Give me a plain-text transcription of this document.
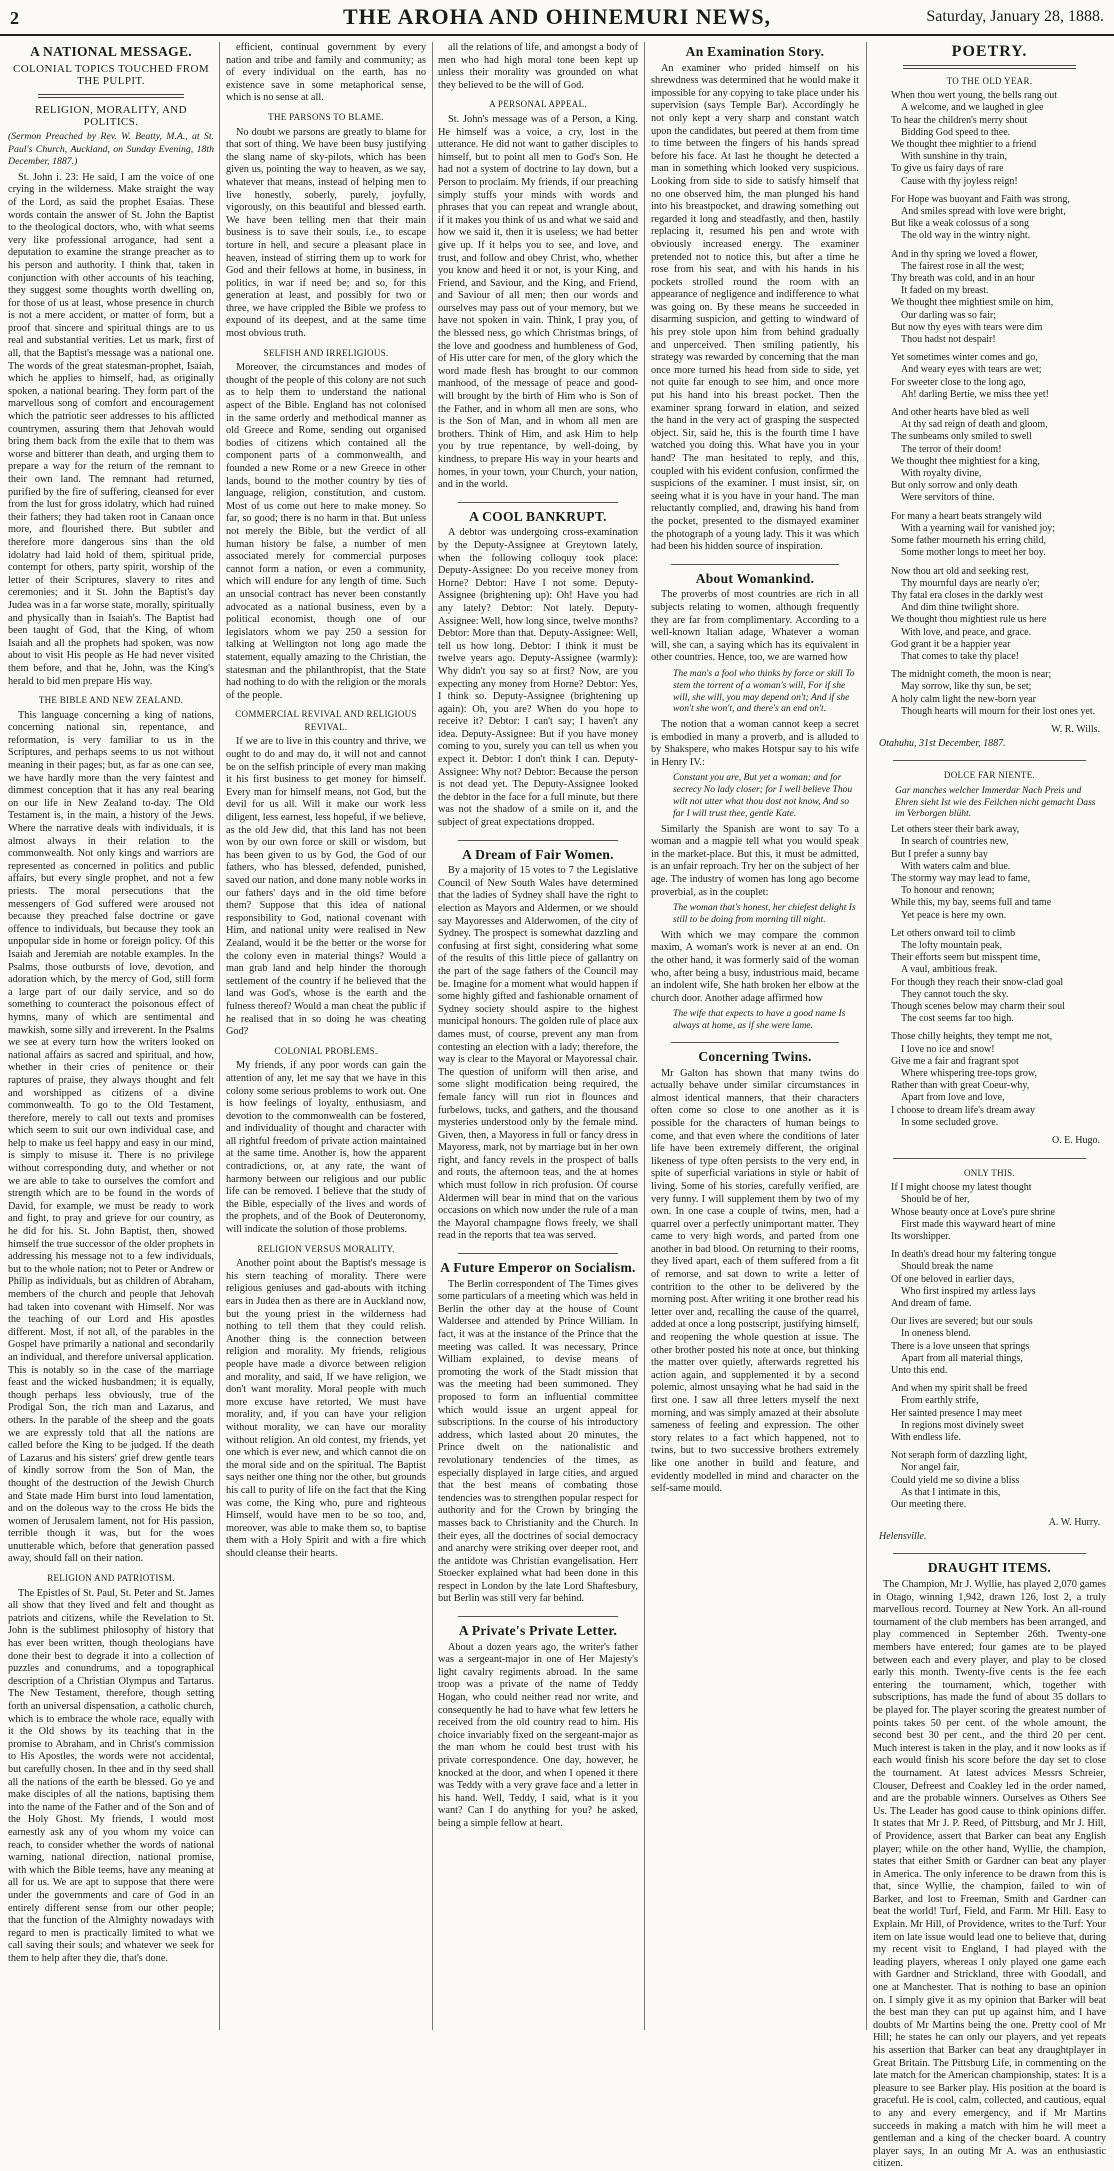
2	THE AROHA AND OHINEMURI NEWS,	Saturday, January 28, 1888.
A NATIONAL MESSAGE.
COLONIAL TOPICS TOUCHED FROM THE PULPIT.
RELIGION, MORALITY, AND POLITICS.

(Sermon Preached by Rev. W. Beatty, M.A., at St. Paul's Church, Auckland, on Sunday Evening, 18th December, 1887.)

St. John i. 23: He said, I am the voice of one crying in the wilderness. Make straight the way of the Lord, as said the prophet Esaias. These words contain the answer of St. John the Baptist to the theological doctors, who, with what seems very like professional arrogance, had sent a deputation to examine the strange preacher as to his person and authority. I think that, taken in conjunction with other accounts of his teaching, they suggest some thoughts worth dwelling on, for those of us at least, whose presence in church is not a mere accident, or matter of form, but a proof that sincere and spiritual things are to us real and substantial verities. Let us mark, first of all, that the Baptist's message was a national one. The words of the great statesman-prophet, Isaiah, which he applies to himself, had, as originally spoken, a national bearing. They form part of the marvellous song of comfort and encouragement which the patriotic seer addresses to his afflicted countrymen, assuring them that Jehovah would bring them back from the exile that to them was worse and bitterer than death, and urging them to prepare a way for the return of the remnant to their own land. The remnant had returned, purified by the fire of suffering, cleansed for ever from the lust for gross idolatry, which had ruined their fathers; they had taken root in Canaan once more, and flourished there. But subtler and therefore more dangerous sins than the old idolatry had laid hold of them, spiritual pride, contempt for others, party spirit, worship of the letter of their Scriptures, slavery to rites and ceremonies; and it St. John the Baptist's day Judea was in a far worse state, morally, spiritually and physically than in Isaiah's. The Baptist had been taught of God, that the King, of whom Isaiah and all the prophets had spoken, was now about to visit His people as He had never visited them before, and that he, John, was the King's herald to bid men prepare His way.

THE BIBLE AND NEW ZEALAND.

This language concerning a king of nations, concerning national sin, repentance, and reformation, is very familiar to us in the Scriptures, and perhaps seems to us not without meaning in their pages; but, as far as one can see, we have hardly more than the very faintest and dimmest conception that it has any real bearing on our life in New Zealand to-day. The Old Testament is, in the main, a history of the Jews. Where the narrative deals with individuals, it is almost always in their relation to the commonwealth. Not only kings and warriors are represented as concerned in politics and public affairs, but every single prophet, and not a few priests. The moral persecutions that the messengers of God suffered were aroused not because they preached false doctrine or gave offence to individuals, but because they took an unpopular side in home or foreign policy. Of this Isaiah and Jeremiah are notable examples. In the Psalms, those outbursts of love, devotion, and adoration which, by the mercy of God, still form a large part of our daily service, and so do something to counteract the poisonous effect of hymns, many of which are sentimental and mawkish, some silly and irreverent. In the Psalms we see at every turn how the writers looked on national affairs as sacred and spiritual, and how, whether in their cries of penitence or their raptures of praise, they always thought and felt and worshipped as citizens of a divine commonwealth. To go to the Old Testament, therefore, merely to call out texts and promises which seem to suit our own individual case, and help to make us feel happy and easy in our mind, is simply to misuse it. There is no privilege without corresponding duty, and whether or not we are able to take to ourselves the comfort and strength which are to be found in the words of David, for example, we must be ready to work and fight, to pray and grieve for our country, as he did for his. St. John Baptist, then, showed himself the true successor of the older prophets in addressing his message not to a few individuals, but to the whole nation; not to Peter or Andrew or Philip as individuals, but as children of Abraham, members of the church and people that Jehovah had taken into covenant with Himself. Nor was the teaching of our Lord and His apostles different. Most, if not all, of the parables in the Gospel have primarily a national and secondarily an individual, and therefore universal application. This is notably so in the case of the marriage feast and the wicked husbandmen; it is equally, though perhaps less obviously, true of the Prodigal Son, the rich man and Lazarus, and others. In the parable of the sheep and the goats we are expressly told that all the nations are called before the King to be judged. If the death of Lazarus and his sisters' grief drew gentle tears of kindly sorrow from the Son of Man, the thought of the destruction of the Jewish Church and State made Him burst into loud lamentation, and on the doleous way to the cross He bids the women of Jerusalem lament, not for His passion, terrible though it was, but for the woes unutterable which, before that generation passed away, should fall on their nation.

RELIGION AND PATRIOTISM.

The Epistles of St. Paul, St. Peter and St. James all show that they lived and felt and thought as patriots and citizens, while the Revelation to St. John is the sublimest philosophy of history that has ever been written, though theologians have done their best to degrade it into a collection of puzzles and conundrums, and a topographical description of a Christian Olympus and Tartarus. The New Testament, therefore, though setting forth an universal dispensation, a catholic church, which is to embrace the whole race, equally with it the Old shows by its teaching that in the promise to Abraham, and in Christ's commission to His Apostles, the words were not accidental, but carefully chosen. In thee and in thy seed shall all the nations of the earth be blessed. Go ye and make disciples of all the nations, baptising them into the name of the Father and of the Son and of the Holy Ghost. My friends, I would most earnestly ask any of you whom my voice can reach, to consider whether the words of national warning, national direction, national promise, with which the Bible teems, have any meaning at all for us. We are apt to suppose that there were under the governments and care of God in an entirely different sense from our other people; that the function of the Almighty nowadays with regard to men is practically limited to what we call saving their souls; and whatever we seek for them to help after they die, that's done.

efficient, continual government by every nation and tribe and family and community; as of every individual on the earth, has no existence save in some metaphorical sense, which is no sense at all.

THE PARSONS TO BLAME.

No doubt we parsons are greatly to blame for that sort of thing. We have been busy justifying the slang name of sky-pilots, which has been given us, pointing the way to heaven, as we say, whatever that means, instead of helping men to live honestly, soberly, purely, joyfully, vigorously, on this beautiful and blessed earth. We have been telling men that their main business is to save their souls, i.e., to escape torture in hell, and secure a pleasant place in heaven, instead of stirring them up to work for God and their fellows at home, in business, in politics, in war if need be; and so, for this generation at least, and possibly for two or three, we have crippled the Bible we profess to expound of its deepest, and at the same time most obvious truth.

SELFISH AND IRRELIGIOUS.

Moreover, the circumstances and modes of thought of the people of this colony are not such as to help them to understand the national aspect of the Bible. England has not colonised in the same orderly and methodical manner as old Greece and Rome, sending out organised bodies of citizens which contained all the component parts of a commonwealth, and founded a new Rome or a new Greece in other lands, bound to the mother country by ties of language, religion, constitution, and custom. Most of us come out here to make money. So far, so good; there is no harm in that. But unless not merely the Bible, but the verdict of all human history be false, a number of men associated merely for commercial purposes cannot form a nation, or even a community, which will endure for any length of time. Such an unsocial contract has never been constantly advocated as a national business, even by a political economist, though one of our legislators whom we pay 250 a session for talking at Wellington not long ago made the statement, equally amazing to the Christian, the statesman and the philanthropist, that the State had nothing to do with the religion or the morals of the people.

COMMERCIAL REVIVAL AND RELIGIOUS REVIVAL.

If we are to live in this country and thrive, we ought to do and may do, it will not and cannot be on the selfish principle of every man making it his first business to get money for himself. Every man for himself means, not God, but the devil for us all. Will it make our work less diligent, less earnest, less hopeful, if we believe, as the old Jew did, that this land has not been won by our own force or skill or wisdom, but has been given to us by God, the God of our fathers, who has blessed, defended, punished, saved our nation, and done many noble works in our fathers' days and in the old time before them? Suppose that this idea of national responsibility to God, national covenant with Him, and national unity were realised in New Zealand, would it be the better or the worse for the colony even in material things? Would a man grab land and help hinder the thorough settlement of the country if he believed that the land was God's, whose is the earth and the fulness thereof? Would a man cheat the public if he realised that in so doing he was cheating God?

COLONIAL PROBLEMS.

My friends, if any poor words can gain the attention of any, let me say that we have in this colony some serious problems to work out. One is how feelings of loyalty, enthusiasm, and devotion to the commonwealth can be fostered, and individuality of thought and character with all rightful freedom of private action maintained at the same time. Another is, how the apparent contradictions, or, at any rate, the want of harmony between our religious and our public life can be removed. I believe that the study of the Bible, especially of the lives and words of the prophets, and of the Book of Deuteronomy, will indicate the solution of those problems.

RELIGION VERSUS MORALITY.

Another point about the Baptist's message is his stern teaching of morality. There were religious geniuses and gad-abouts with itching ears in Judea then as there are in Auckland now, but the young priest in the wilderness had nothing to tell them that they could relish. Another thing is the connection between religion and morality. My friends, religious people have made a divorce between religion and morality, and said, If we have religion, we don't want morality. Moral people with much more excuse have retorted, We must have morality, and, if you can have your religion without morality, we can have our morality without religion. An old contest, my friends, yet one which is ever new, and which cannot die on the moral side and on the spiritual. The Baptist says neither one thing nor the other, but grounds his call to purity of life on the fact that the King was come, the King who, pure and righteous Himself, would have men to be so too, and, moreover, was able to make them so, to baptise them with a Holy Spirit and with a fire which should cleanse their hearts.

all the relations of life, and amongst a body of men who had high moral tone been kept up unless their morality was grounded on what they believed to be the will of God.

A PERSONAL APPEAL.

St. John's message was of a Person, a King. He himself was a voice, a cry, lost in the utterance. He did not want to gather disciples to himself, but to point all men to God's Son. He had not a system of doctrine to lay down, but a Person to proclaim. My friends, if our preaching simply stuffs your minds with words and phrases that you can repeat and wrangle about, if it makes you think of us and what we said and how we said it, then it is useless; we had better give up. If it helps you to see, and love, and trust, and follow and obey Christ, who, whether you know and heed it or not, is your King, and Friend, and Saviour, and the King, and Friend, and Saviour of all men; then our words and ourselves may pass out of your memory, but we have not spoken in vain. Think, I pray you, of the blessed ness, go which Christmas brings, of the love and goodness and humbleness of God, of His utter care for men, of the glory which the word made flesh has brought to our common manhood, of the message of peace and good-will brought by the birth of Him who is Son of the Father, and in whom all men are sons, who is the Son of Man, and in whom all men are brothers. Think of Him, and ask Him to help you by true repentance, by well-doing, by kindness, to prepare His way in your hearts and homes, in your town, your Church, your nation, and in the world.

A COOL BANKRUPT.

A debtor was undergoing cross-examination by the Deputy-Assignee at Greytown lately, when the following colloquy took place: Deputy-Assignee: Do you receive money from Horne? Debtor: Have I not some. Deputy-Assignee (brightening up): Oh! Have you had any lately? Debtor: Not lately. Deputy-Assignee: Well, how long since, twelve months? Debtor: More than that. Deputy-Assignee: Well, tell us how long. Debtor: I think it must be twelve years ago. Deputy-Assignee (warmly): Why didn't you say so at first? Now, are you expecting any money from Horne? Debtor: Yes, I think so. Deputy-Assignee (brightening up again): Oh, you are? When do you hope to receive it? Debtor: I can't say; I haven't any idea. Deputy-Assignee: But if you have money coming to you, surely you can tell us when you expect it. Debtor: I don't think I can. Deputy-Assignee: Why not? Debtor: Because the person is not dead yet. The Deputy-Assignee looked the debtor in the face for a full minute, but there was not the shadow of a smile on it, and the subject of great expectations dropped.

A Dream of Fair Women.

By a majority of 15 votes to 7 the Legislative Council of New South Wales have determined that the ladies of Sydney shall have the right to election as Mayors and Aldermen, or we should say Mayoresses and Alderwomen, of the city of Sydney. The prospect is somewhat dazzling and confusing at first sight, considering what some of the results of this little piece of gallantry on the part of the sage fathers of the Council may be. Imagine for a moment what would happen if some highly gifted and fashionable ornament of Sydney society should aspire to the highest municipal honours. The golden rule of place aux dames must, of course, prevent any man from contesting an election with a lady; therefore, the way is clear to the Mayoral or Mayoressal chair. The question of uniform will then arise, and some slight modification being required, the female fancy will run riot in flounces and furbelows, tucks, and gathers, and the thousand mysteries understood only by the female mind. Given, then, a Mayoress in full or fancy dress in Mayoress, mark, not by marriage but in her own right, and fancy revels in the prospect of balls and routs, the afternoon teas, and the at homes which must follow in rich profusion. Of course Aldermen will bear in mind that on the various occasions on which now under the rule of a man the Mayoral champagne flows freely, we shall read in the reports that tea was served.

A Future Emperor on Socialism.

The Berlin correspondent of The Times gives some particulars of a meeting which was held in Berlin the other day at the house of Count Waldersee and attended by Prince William. In fact, it was at the instance of the Prince that the meeting was called. It was necessary, Prince William explained, to devise means of promoting the work of the Stadt mission that was the meeting had been summoned. They proposed to form an influential committee which would issue an urgent appeal for subscriptions. In the course of his introductory address, which lasted about 20 minutes, the Prince dwelt on the nationalistic and revolutionary tendencies of the times, as especially displayed in large cities, and argued that the best means of combating those tendencies was to strengthen popular respect for authority and for the Crown by bringing the masses back to Christianity and the Church. In their eyes, all the doctrines of social democracy and anarchy were striking over deeper root, and the antidote was Christian evangelisation. Herr Stoecker explained what had been done in this respect in London by the late Lord Shaftesbury, but Berlin was still very far behind.

A Private's Private Letter.

About a dozen years ago, the writer's father was a sergeant-major in one of Her Majesty's light cavalry regiments abroad. In the same troop was a private of the name of Teddy Hogan, who could neither read nor write, and consequently he had to have what few letters he received from the old country read to him. His choice invariably fixed on the sergeant-major as the man whom he could best trust with his private correspondence. One day, however, he knocked at the door, and when I opened it there was Teddy with a very grave face and a letter in his hand. Well, Teddy, I said, what is it you want? Can I do anything for you? he asked, being a simple fellow at heart.

An Examination Story.

An examiner who prided himself on his shrewdness was determined that he would make it impossible for any copying to take place under his supervision (says Temple Bar). Accordingly he not only kept a very sharp and constant watch upon the candidates, but peered at them from time to time between the fingers of his hands spread before his face. At last he thought he detected a man in something which looked very suspicious. Looking from side to side to satisfy himself that no one observed him, the man plunged his hand into his breastpocket, and drawing something out regarded it long and steadfastly, and then, hastily replacing it, resumed his pen and wrote with obviously increased energy. The examiner pretended not to notice this, but after a time he rose from his seat, and with his hands in his pockets strolled round the room with an appearance of negligence and indifference to what was going on. By these means he succeeded in disarming suspicion, and getting to windward of his prey stole upon him from behind gradually and unperceived. Then smiling patiently, his strategy was rewarded by concerning that the man once more turned his head from side to side, yet not quite far enough to see him, and once more put his hand into his breast pocket. Then the examiner sprang forward in elation, and seized the hand in the very act of grasping the suspected object. Sir, said he, this is the fourth time I have watched you doing this. What have you in your hand? The man hesitated to reply, and this, coupled with his evident confusion, confirmed the suspicions of the examiner. I must insist, sir, on seeing what it is you have in your hand. The man reluctantly complied, and, drawing his hand from the pocket, presented to the dismayed examiner the photograph of a young lady. This it was which had been his hidden source of inspiration.

About Womankind.

The proverbs of most countries are rich in all subjects relating to women, although frequently they are far from complimentary. According to a well-known Italian adage, Whatever a woman will, she can, a saying which has its equivalent in other countries. Hence, too, we are warned how

The man's a fool who thinks by force or skill To stem the torrent of a woman's will, For if she will, she will, you may depend on't; And if she won't she won't, and there's an end on't.

The notion that a woman cannot keep a secret is embodied in many a proverb, and is alluded to by Shakspere, who makes Hotspur say to his wife in Henry IV.:

Constant you are, But yet a woman; and for secrecy No lady closer; for I well believe Thou wilt not utter what thou dost not know, And so far I will trust thee, gentle Kate.

Similarly the Spanish are wont to say To a woman and a magpie tell what you would speak in the market-place. But this, it must be admitted, is an unfair reproach. Try her on the subject of her age. The industry of women has long ago become proverbial, as in the couplet:

The woman that's honest, her chiefest delight Is still to be doing from morning till night.

With which we may compare the common maxim, A woman's work is never at an end. On the other hand, it was formerly said of the woman who, after being a busy, industrious maid, became an indolent wife, She hath broken her elbow at the church door. Another adage affirmed how

The wife that expects to have a good name Is always at home, as if she were lame.
Concerning Twins.

Mr Galton has shown that many twins do actually behave under similar circumstances in almost identical manners, that their characters often come so close to one another as it is possible for the characters of human beings to come, and that even where the conditions of later life have been extremely different, the original likeness of type often persists to the very end, in spite of superficial variations in style or habit of living. Some of his stories, carefully verified, are very funny. I will supplement them by two of my own. In one case a couple of twins, men, had a quarrel over a perfectly unimportant matter. They came to very high words, and parted from one another in bad blood. On returning to their rooms, they lived apart, each of them suffered from a fit of remorse, and sat down to write a letter of contrition to the other to be delivered by the morning post. After writing it one brother read his letter over and, recalling the cause of the quarrel, added at once a long postscript, justifying himself, and reopening the whole question at issue. The other brother posted his note at once, but thinking the matter over quietly, afterwards regretted his action again, and supplemented it by a second polemic, almost unsaying what he had said in the first one. I saw all three letters myself the next morning, and was simply amazed at their absolute sameness of feeling and expression. The other story relates to a fact which happened, not to twins, but to two successive brothers extremely like one another in build and feature, and evidently modelled in mind and character on the self-same mould.

POETRY.
TO THE OLD YEAR.
When thou wert young, the bells rang out
A welcome, and we laughed in glee
To hear the children's merry shout
Bidding God speed to thee.
We thought thee mightier to a friend
With sunshine in thy train,
To give us fairy days of rare
Cause with thy joyless reign!
For Hope was buoyant and Faith was strong,
And smiles spread with love were bright,
But like a weak colossus of a song
The old way in the wintry night.
And in thy spring we loved a flower,
The fairest rose in all the west;
Thy breath was cold, and in an hour
It faded on my breast.
We thought thee mightiest smile on him,
Our darling was so fair;
But now thy eyes with tears were dim
Thou hadst not despair!
Yet sometimes winter comes and go,
And weary eyes with tears are wet;
For sweeter close to the long ago,
Ah! darling Bertie, we miss thee yet!
And other hearts have bled as well
At thy sad reign of death and gloom,
The sunbeams only smiled to swell
The terror of their doom!
We thought thee mightiest for a king,
With royalty divine,
But only sorrow and only death
Were servitors of thine.
For many a heart beats strangely wild
With a yearning wail for vanished joy;
Some father mourneth his erring child,
Some mother longs to meet her boy.
Now thou art old and seeking rest,
Thy mournful days are nearly o'er;
Thy fatal era closes in the darkly west
And dim thine twilight shore.
We thought thou mightiest rule us here
With love, and peace, and grace.
God grant it be a happier year
That comes to take thy place!
The midnight cometh, the moon is near;
May sorrow, like thy sun, be set;
A holy calm light the new-born year
Though hearts will mourn for their lost ones yet.
W. R. Wills.
Otahuhu, 31st December, 1887.
DOLCE FAR NIENTE.
Gar manches welcher Immerdar Nach Preis und Ehren sieht Ist wie des Feilchen nicht gemacht Dass im Verborgen blüht.
Let others steer their bark away,
In search of countries new,
But I prefer a sunny bay
With waters calm and blue.
The stormy way may lead to fame,
To honour and renown;
While this, my bay, seems full and tame
Yet peace is here my own.
Let others onward toil to climb
The lofty mountain peak,
Their efforts seem but misspent time,
A vaul, ambitious freak.
For though they reach their snow-clad goal
They cannot touch the sky.
Though scenes below may charm their soul
The cost seems far too high.
Those chilly heights, they tempt me not,
I love no ice and snow!
Give me a fair and fragrant spot
Where whispering tree-tops grow,
Rather than with great Coeur-why,
Apart from love and love,
I choose to dream life's dream away
In some secluded grove.
O. E. Hugo.
ONLY THIS.
If I might choose my latest thought
Should be of her,
Whose beauty once at Love's pure shrine
First made this wayward heart of mine
Its worshipper.
In death's dread hour my faltering tongue
Should break the name
Of one beloved in earlier days,
Who first inspired my artless lays
And dream of fame.
Our lives are severed; but our souls
In oneness blend.
There is a love unseen that springs
Apart from all material things,
Unto this end.
And when my spirit shall be freed
From earthly strife,
Her sainted presence I may meet
In regions most divinely sweet
With endless life.
Not seraph form of dazzling light,
Nor angel fair,
Could yield me so divine a bliss
As that I intimate in this,
Our meeting there.
A. W. Hurry.
Helensville.
DRAUGHT ITEMS.

The Champion, Mr J. Wyllie, has played 2,070 games in Otago, winning 1,942, drawn 126, lost 2, a truly marvellous record. Tourney at New York. An all-round tournament of the club members has been arranged, and play commenced in September 26th. Twenty-one members have entered; four games are to be played between each and every player, and play to be closed early this month. Twenty-five cents is the fee each entering the tournament, which, together with subscriptions, has made the fund of about 35 dollars to be played for. The player scoring the greatest number of points takes 50 per cent. of the whole amount, the second best 30 per cent., and the third 20 per cent. Much interest is taken in the play, and it now looks as if each would finish his score before the day set to close the tournament. At latest advices Messrs Schreier, Clouser, Defreest and Coakley led in the order named, and are the probable winners. Ourselves as Others See Us. The Leader has good cause to think opinions differ. It states that Mr J. P. Reed, of Pittsburg, and Mr J. Hill, of Providence, assert that Barker can beat any English player; while on the other hand, Wyllie, the champion, states that either Smith or Gardner can beat any player in America. The only inference to be drawn from this is that, since Wyllie, the champion, failed to win of Barker, and lost to Freeman, Smith and Gardner can beat the world! Turf, Field, and Farm. Mr Hill. Easy to Explain. Mr Hill, of Providence, writes to the Turf: Your item on late issue would lead one to believe that, during my recent visit to England, I had played with the leading players, whereas I only played one game each with Gardner and Strickland, three with Goodall, and one at Manchester. That is nothing to base an opinion on. I simply give it as my opinion that Barker will beat the best man they can put up against him, and I have doubts of Mr Martins being the one. Pretty cool of Mr Hill; he states he can only our players, and yet repeats his assertion that Barker can beat any draughtplayer in Great Britain. The Pittsburg Life, in commenting on the late match for the American championship, states: It is a pleasure to see Barker play. His position at the board is graceful. He is cool, calm, collected, and cautious, equal to any and every emergency, and if Mr Martins succeeds in making a match with him he will meet a gentleman and a king of the checker board. A country player says, In an outing Mr A. was an enthusiastic citizen.
